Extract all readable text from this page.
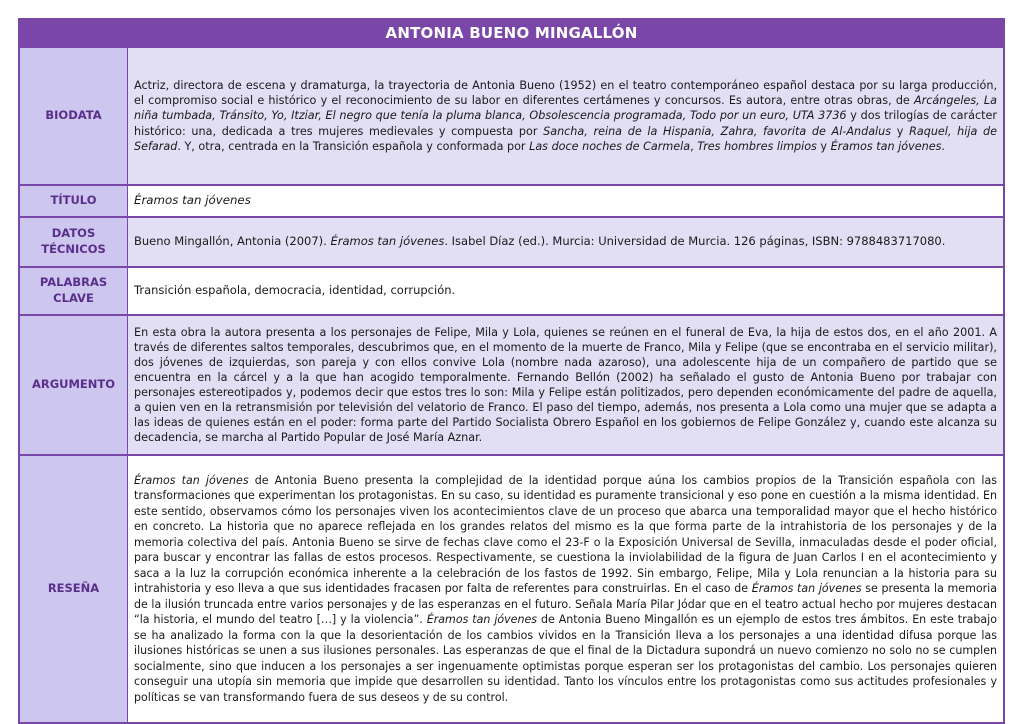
ANTONIA BUENO MINGALLÓN
BIODATA

Actriz, directora de escena y dramaturga, la trayectoria de Antonia Bueno (1952) en el teatro contemporáneo español destaca por su larga producción, el compromiso social e histórico y el reconocimiento de su labor en diferentes certámenes y concursos. Es autora, entre otras obras, de Arcángeles, La niña tumbada, Tránsito, Yo, Itziar, El negro que tenía la pluma blanca, Obsolescencia programada, Todo por un euro, UTA 3736 y dos trilogías de carácter histórico: una, dedicada a tres mujeres medievales y compuesta por Sancha, reina de la Hispania, Zahra, favorita de Al-Andalus y Raquel, hija de Sefarad. Y, otra, centrada en la Transición española y conformada por Las doce noches de Carmela, Tres hombres limpios y Éramos tan jóvenes.

TÍTULO	Éramos tan jóvenes

DATOS TÉCNICOS

Bueno Mingallón, Antonia (2007). Éramos tan jóvenes. Isabel Díaz (ed.). Murcia: Universidad de Murcia. 126 páginas, ISBN: 9788483717080.

PALABRAS CLAVE

Transición española, democracia, identidad, corrupción.

ARGUMENTO

En esta obra la autora presenta a los personajes de Felipe, Mila y Lola, quienes se reúnen en el funeral de Eva, la hija de estos dos, en el año 2001. A través de diferentes saltos temporales, descubrimos que, en el momento de la muerte de Franco, Mila y Felipe (que se encontraba en el servicio militar), dos jóvenes de izquierdas, son pareja y con ellos convive Lola (nombre nada azaroso), una adolescente hija de un compañero de partido que se encuentra en la cárcel y a la que han acogido temporalmente. Fernando Bellón (2002) ha señalado el gusto de Antonia Bueno por trabajar con personajes estereotipados y, podemos decir que estos tres lo son: Mila y Felipe están politizados, pero dependen económicamente del padre de aquella, a quien ven en la retransmisión por televisión del velatorio de Franco. El paso del tiempo, además, nos presenta a Lola como una mujer que se adapta a las ideas de quienes están en el poder: forma parte del Partido Socialista Obrero Español en los gobiernos de Felipe González y, cuando este alcanza su decadencia, se marcha al Partido Popular de José María Aznar.

RESEÑA

Éramos tan jóvenes de Antonia Bueno presenta la complejidad de la identidad porque aúna los cambios propios de la Transición española con las transformaciones que experimentan los protagonistas. En su caso, su identidad es puramente transicional y eso pone en cuestión a la misma identidad. En este sentido, observamos cómo los personajes viven los acontecimientos clave de un proceso que abarca una temporalidad mayor que el hecho histórico en concreto. La historia que no aparece reflejada en los grandes relatos del mismo es la que forma parte de la intrahistoria de los personajes y de la memoria colectiva del país. Antonia Bueno se sirve de fechas clave como el 23-F o la Exposición Universal de Sevilla, inmaculadas desde el poder oficial, para buscar y encontrar las fallas de estos procesos. Respectivamente, se cuestiona la inviolabilidad de la figura de Juan Carlos I en el acontecimiento y saca a la luz la corrupción económica inherente a la celebración de los fastos de 1992. Sin embargo, Felipe, Mila y Lola renuncian a la historia para su intrahistoria y eso lleva a que sus identidades fracasen por falta de referentes para construirlas. En el caso de Éramos tan jóvenes se presenta la memoria de la ilusión truncada entre varios personajes y de las esperanzas en el futuro. Señala María Pilar Jódar que en el teatro actual hecho por mujeres destacan “la historia, el mundo del teatro […] y la violencia”. Éramos tan jóvenes de Antonia Bueno Mingallón es un ejemplo de estos tres ámbitos. En este trabajo se ha analizado la forma con la que la desorientación de los cambios vividos en la Transición lleva a los personajes a una identidad difusa porque las ilusiones históricas se unen a sus ilusiones personales. Las esperanzas de que el final de la Dictadura supondrá un nuevo comienzo no solo no se cumplen socialmente, sino que inducen a los personajes a ser ingenuamente optimistas porque esperan ser los protagonistas del cambio. Los personajes quieren conseguir una utopía sin memoria que impide que desarrollen su identidad. Tanto los vínculos entre los protagonistas como sus actitudes profesionales y políticas se van transformando fuera de sus deseos y de su control.
